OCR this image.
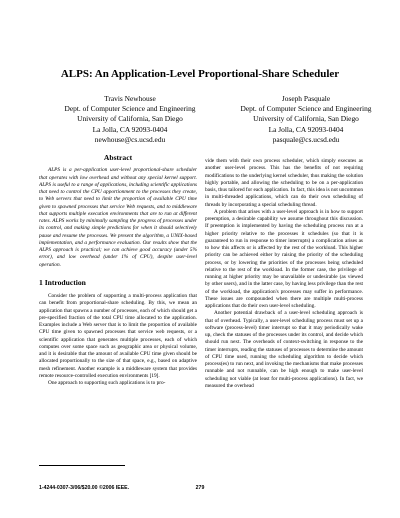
ALPS: An Application-Level Proportional-Share Scheduler
Travis Newhouse
Dept. of Computer Science and Engineering
University of California, San Diego
La Jolla, CA 92093-0404
newhouse@cs.ucsd.edu
Joseph Pasquale
Dept. of Computer Science and Engineering
University of California, San Diego
La Jolla, CA 92093-0404
pasquale@cs.ucsd.edu
Abstract

ALPS is a per-application user-level proportional-share scheduler that operates with low overhead and without any special kernel support. ALPS is useful to a range of applications, including scientific applications that need to control the CPU apportionment to the processes they create, to Web servers that need to limit the proportion of available CPU time given to spawned processes that service Web requests, and to middleware that supports multiple execution environments that are to run at different rates. ALPS works by minimally sampling the progress of processes under its control, and making simple predictions for when it should selectively pause and resume the processes. We present the algorithm, a UNIX-based implementation, and a performance evaluation. Our results show that the ALPS approach is practical; we can achieve good accuracy (under 5% error), and low overhead (under 1% of CPU), despite user-level operation.

1 Introduction

Consider the problem of supporting a multi-process application that can benefit from proportional-share scheduling. By this, we mean an application that spawns a number of processes, each of which should get a pre-specified fraction of the total CPU time allocated to the application. Examples include a Web server that is to limit the proportion of available CPU time given to spawned processes that service web requests, or a scientific application that generates multiple processes, each of which computes over some space such as geographic area or physical volume, and it is desirable that the amount of available CPU time given should be allocated proportionally to the size of that space, e.g., based on adaptive mesh refinement. Another example is a middleware system that provides remote resource-controlled execution environments [19].

One approach to supporting such applications is to pro-

vide them with their own process scheduler, which simply executes as another user-level process. This has the benefits of not requiring modifications to the underlying kernel scheduler, thus making the solution highly portable, and allowing the scheduling to be on a per-application basis, thus tailored for each application. In fact, this idea is not uncommon in multi-threaded applications, which can do their own scheduling of threads by incorporating a special scheduling thread.

A problem that arises with a user-level approach is in how to support preemption, a desirable capability we assume throughout this discussion. If preemption is implemented by having the scheduling process run at a higher priority relative to the processes it schedules (so that it is guaranteed to run in response to timer interrupts) a complication arises as to how this affects or is affected by the rest of the workload. This higher priority can be achieved either by raising the priority of the scheduling process, or by lowering the priorities of the processes being scheduled relative to the rest of the workload. In the former case, the privilege of running at higher priority may be unavailable or undesirable (as viewed by other users), and in the latter case, by having less privilege than the rest of the workload, the application's processes may suffer in performance. These issues are compounded when there are multiple multi-process applications that do their own user-level scheduling.

Another potential drawback of a user-level scheduling approach is that of overhead. Typically, a user-level scheduling process must set up a software (process-level) timer interrupt so that it may periodically wake up, check the statuses of the processes under its control, and decide which should run next. The overheads of context-switching in response to the timer interrupts, reading the statuses of processes to determine the amount of CPU time used, running the scheduling algorithm to decide which process(es) to run next, and invoking the mechanisms that make processes runnable and not runnable, can be high enough to make user-level scheduling not viable (at least for multi-process applications). In fact, we measured the overhead

1-4244-0307-3/06/$20.00 ©2006 IEEE.	279
